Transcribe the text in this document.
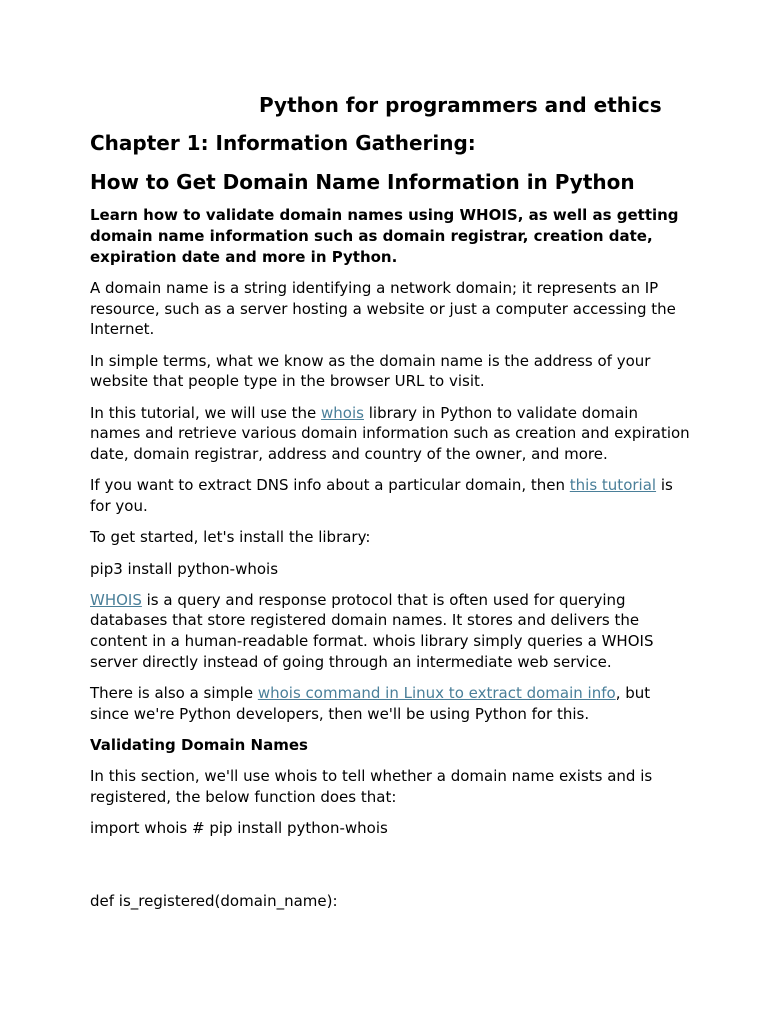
Python for programmers and ethics
Chapter 1: Information Gathering:
How to Get Domain Name Information in Python

Learn how to validate domain names using WHOIS, as well as getting domain name information such as domain registrar, creation date, expiration date and more in Python.

A domain name is a string identifying a network domain; it represents an IP resource, such as a server hosting a website or just a computer accessing the Internet.

In simple terms, what we know as the domain name is the address of your website that people type in the browser URL to visit.

In this tutorial, we will use the whois library in Python to validate domain names and retrieve various domain information such as creation and expiration date, domain registrar, address and country of the owner, and more.

If you want to extract DNS info about a particular domain, then this tutorial is for you.

To get started, let's install the library:

pip3 install python-whois

WHOIS is a query and response protocol that is often used for querying databases that store registered domain names. It stores and delivers the content in a human-readable format. whois library simply queries a WHOIS server directly instead of going through an intermediate web service.

There is also a simple whois command in Linux to extract domain info, but since we're Python developers, then we'll be using Python for this.

Validating Domain Names

In this section, we'll use whois to tell whether a domain name exists and is registered, the below function does that:

import whois # pip install python-whois

def is_registered(domain_name):
